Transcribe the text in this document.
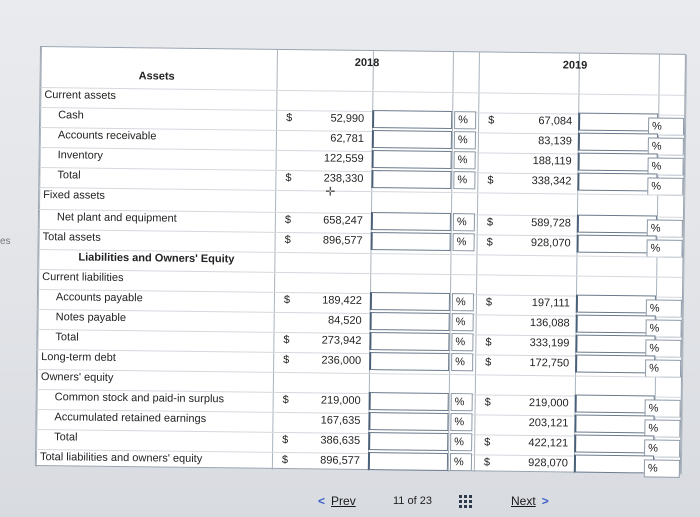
es
2018	2019
Assets
Current assets
Cash	$	52,990	%	$	67,084	%
Accounts receivable	62,781	%	83,139	%
Inventory	122,559	%	188,119	%
Total	$	238,330	%	$	338,342	%
Fixed assets
Net plant and equipment	$	658,247	%	$	589,728	%
Total assets	$	896,577	%	$	928,070	%
Liabilities and Owners' Equity
Current liabilities
Accounts payable	$	189,422	%	$	197,111	%
Notes payable	84,520	%	136,088	%
Total	$	273,942	%	$	333,199	%
Long-term debt	$	236,000	%	$	172,750	%
Owners' equity
Common stock and paid-in surplus	$	219,000	%	$	219,000	%
Accumulated retained earnings	167,635	%	203,121	%
Total	$	386,635	%	$	422,121	%
Total liabilities and owners' equity	$	896,577	%	$	928,070	%
✛
< Prev	11 of 23	Next >
